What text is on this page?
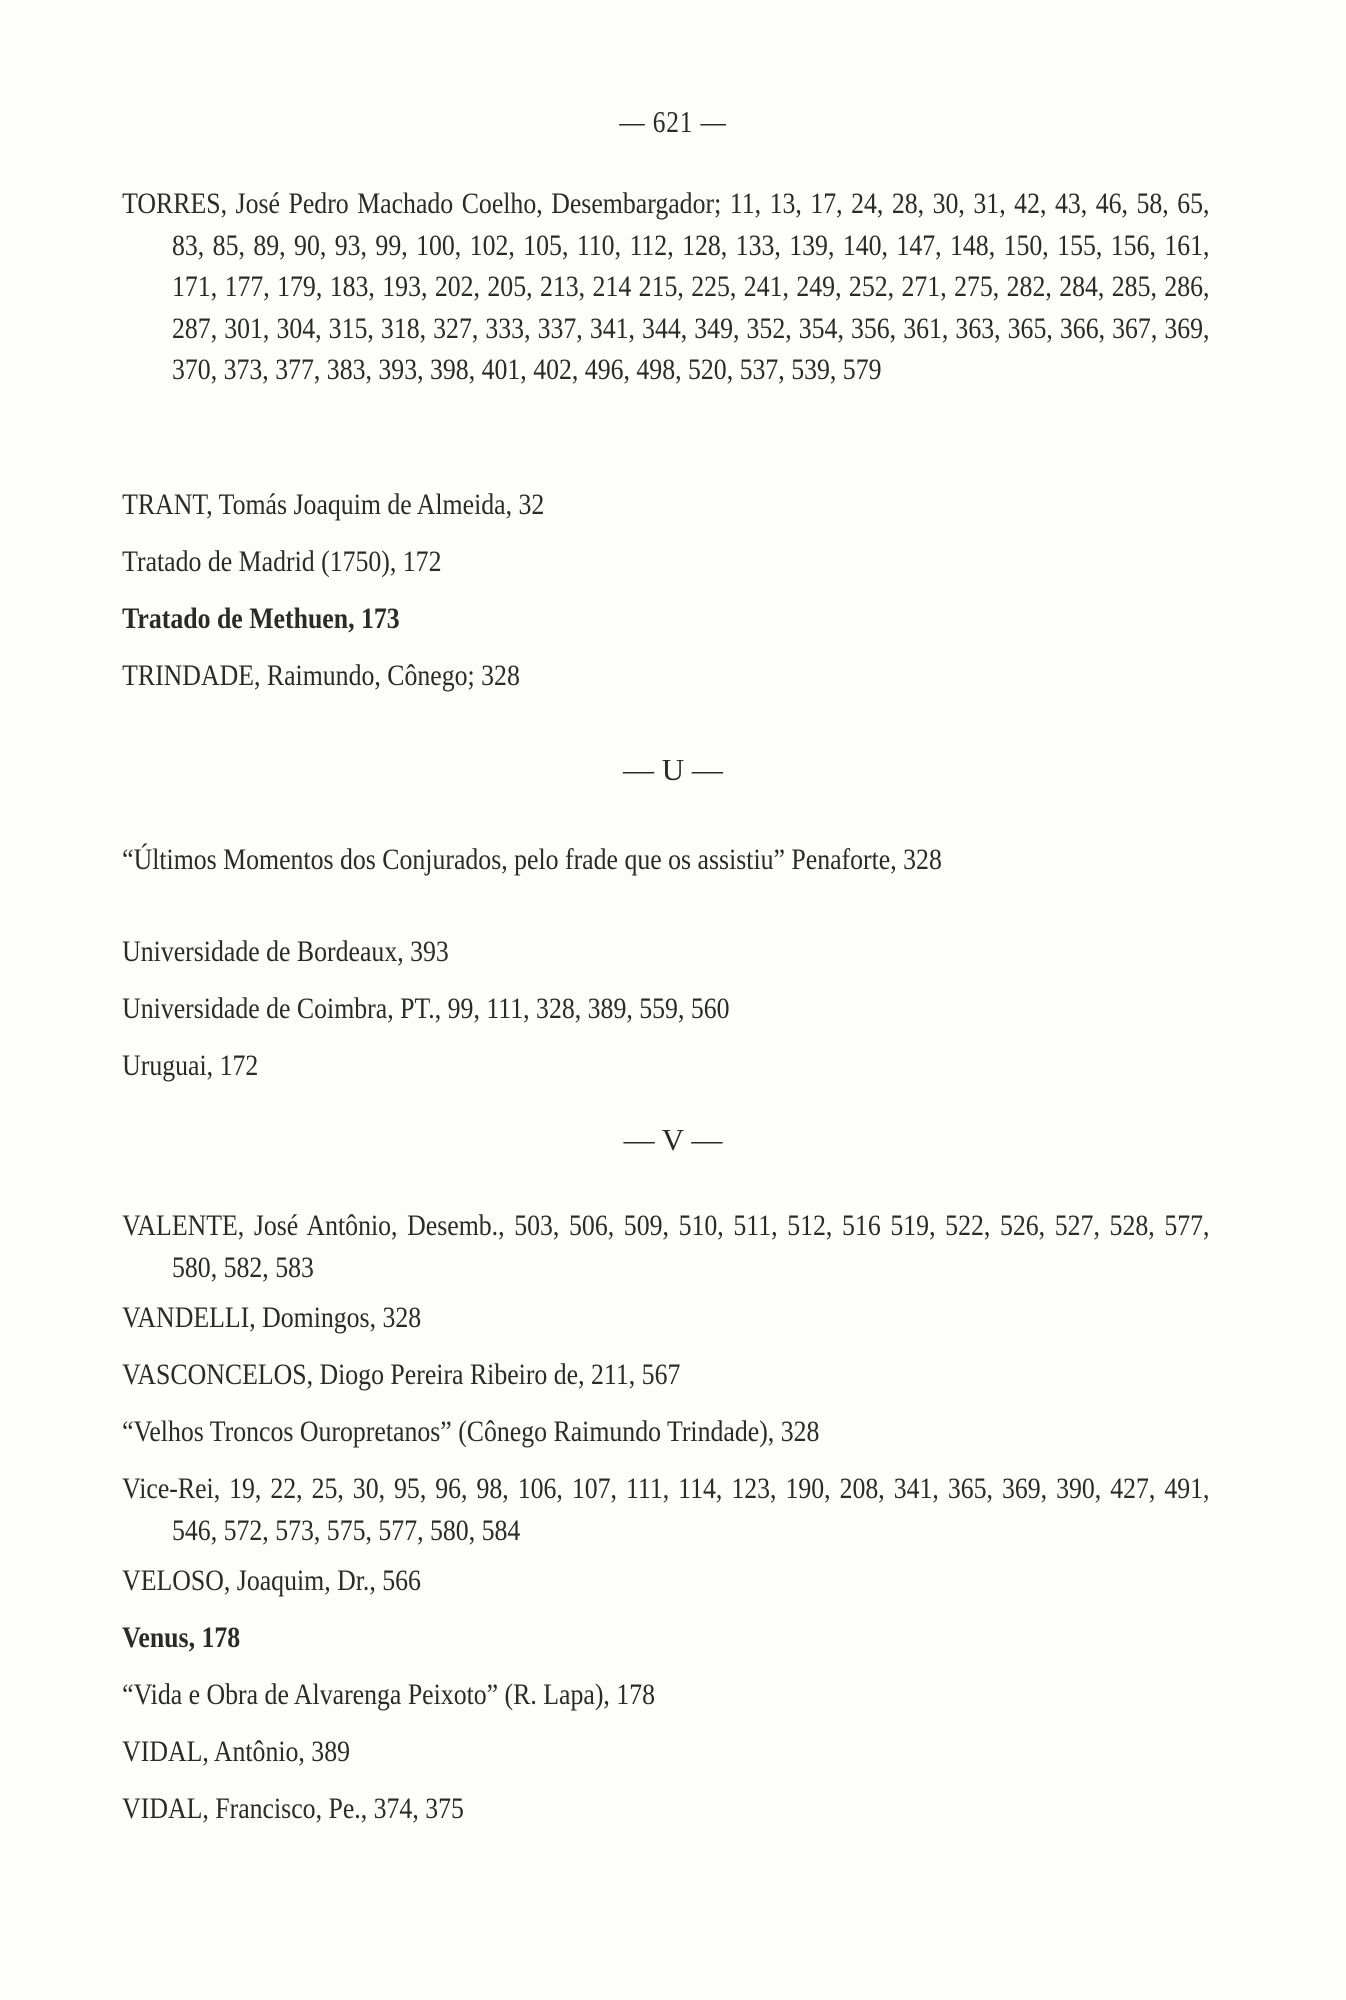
— 621 —
TORRES, José Pedro Machado Coelho, Desembargador; 11, 13, 17, 24, 28, 30, 31, 42, 43, 46, 58, 65, 83, 85, 89, 90, 93, 99, 100, 102, 105, 110, 112, 128, 133, 139, 140, 147, 148, 150, 155, 156, 161, 171, 177, 179, 183, 193, 202, 205, 213, 214 215, 225, 241, 249, 252, 271, 275, 282, 284, 285, 286, 287, 301, 304, 315, 318, 327, 333, 337, 341, 344, 349, 352, 354, 356, 361, 363, 365, 366, 367, 369, 370, 373, 377, 383, 393, 398, 401, 402, 496, 498, 520, 537, 539, 579
TRANT, Tomás Joaquim de Almeida, 32
Tratado de Madrid (1750), 172
Tratado de Methuen, 173
TRINDADE, Raimundo, Cônego; 328
— U —
“Últimos Momentos dos Conjurados, pelo frade que os assistiu” Penaforte, 328
Universidade de Bordeaux, 393
Universidade de Coimbra, PT., 99, 111, 328, 389, 559, 560
Uruguai, 172
— V —
VALENTE, José Antônio, Desemb., 503, 506, 509, 510, 511, 512, 516 519, 522, 526, 527, 528, 577, 580, 582, 583
VANDELLI, Domingos, 328
VASCONCELOS, Diogo Pereira Ribeiro de, 211, 567
“Velhos Troncos Ouropretanos” (Cônego Raimundo Trindade), 328
Vice-Rei, 19, 22, 25, 30, 95, 96, 98, 106, 107, 111, 114, 123, 190, 208, 341, 365, 369, 390, 427, 491, 546, 572, 573, 575, 577, 580, 584
VELOSO, Joaquim, Dr., 566
Venus, 178
“Vida e Obra de Alvarenga Peixoto” (R. Lapa), 178
VIDAL, Antônio, 389
VIDAL, Francisco, Pe., 374, 375
